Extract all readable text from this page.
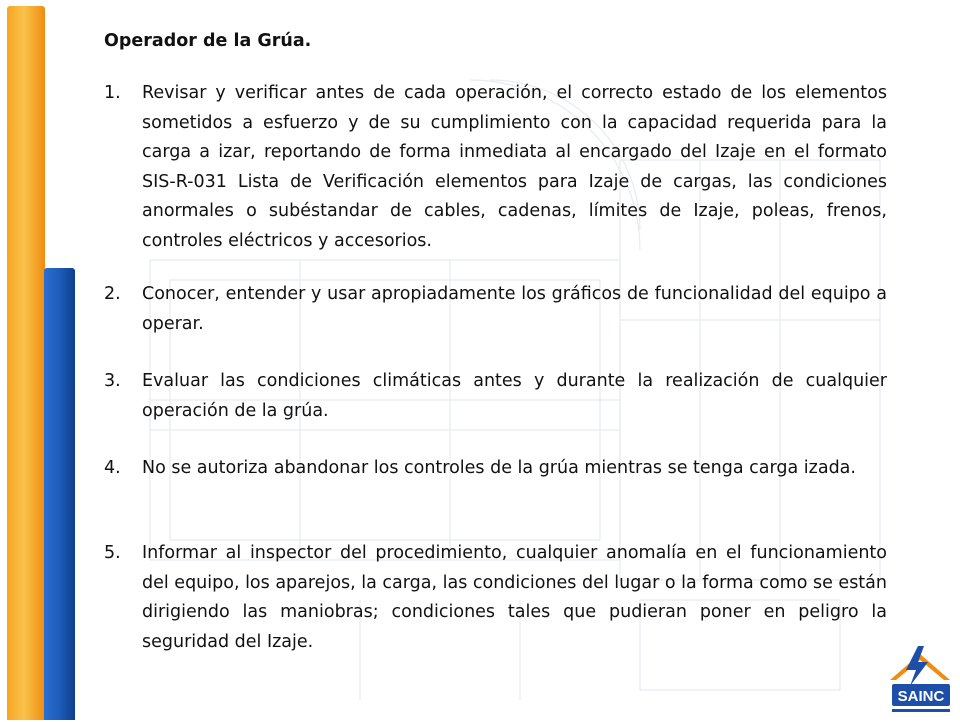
Operador de la Grúa.
1. Revisar y verificar antes de cada operación, el correcto estado de los elementos sometidos a esfuerzo y de su cumplimiento con la capacidad requerida para la carga a izar, reportando de forma inmediata al encargado del Izaje en el formato SIS-R-031 Lista de Verificación elementos para Izaje de cargas, las condiciones anormales o subéstandar de cables, cadenas, límites de Izaje, poleas, frenos, controles eléctricos y accesorios.
2. Conocer, entender y usar apropiadamente los gráficos de funcionalidad del equipo a operar.
3. Evaluar las condiciones climáticas antes y durante la realización de cualquier operación de la grúa.
4. No se autoriza abandonar los controles de la grúa mientras se tenga carga izada.
5. Informar al inspector del procedimiento, cualquier anomalía en el funcionamiento del equipo, los aparejos, la carga, las condiciones del lugar o la forma como se están dirigiendo las maniobras; condiciones tales que pudieran poner en peligro la seguridad del Izaje.
SAINC
